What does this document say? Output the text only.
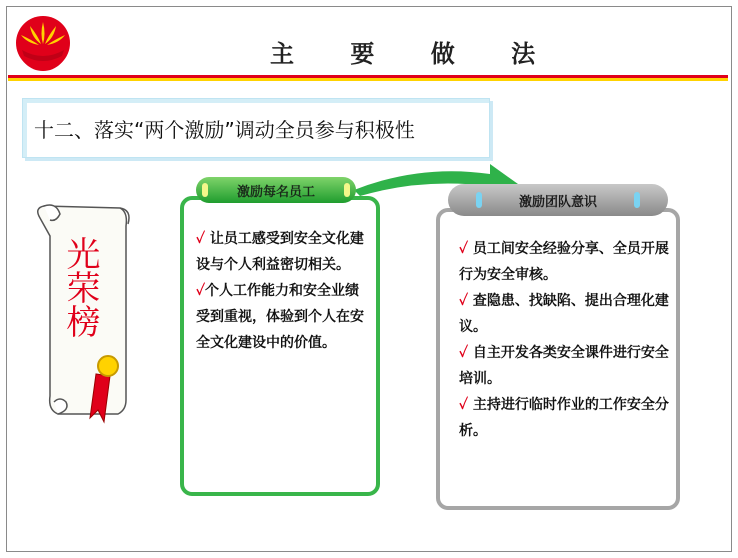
主 要 做 法
十二、落实“两个激励”调动全员参与积极性
光荣榜
激励每名员工

✓ 让员工感受到安全文化建设与个人利益密切相关。

✓个人工作能力和安全业绩受到重视，体验到个人在安全文化建设中的价值。

激励团队意识

✓ 员工间安全经验分享、全员开展行为安全审核。

✓ 查隐患、找缺陷、提出合理化建议。

✓ 自主开发各类安全课件进行安全培训。

✓ 主持进行临时作业的工作安全分析。
